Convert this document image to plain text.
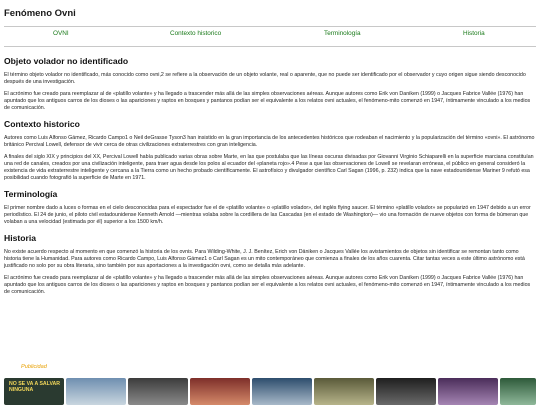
Fenómeno Ovni
OVNI	Contexto historico	Terminología	Historia
Objeto volador no identificado

El término objeto volador no identificado, más conocido como ovni,2 se refiere a la observación de un objeto volante, real o aparente, que no puede ser identificado por el observador y cuyo origen sigue siendo desconocido después de una investigación.

El acrónimo fue creado para reemplazar al de «platillo volante» y ha llegado a trascender más allá de las simples observaciones aéreas. Aunque autores como Erik von Daniken (1999) o Jacques Fabrice Vallée (1976) han apuntado que los antiguos carros de los dioses o las apariciones y raptos en bosques y pantanos podían ser el equivalente a los relatos ovni actuales, el fenómeno-mito comenzó en 1947, íntimamente vinculado a los medios de comunicación.

Contexto historico

Autores como Luis Alfonso Gámez, Ricardo Campo1 o Neil deGrasse Tyson3 han insistido en la gran importancia de los antecedentes históricos que rodeaban el nacimiento y la popularización del término «ovni». El astrónomo británico Percival Lowell, defensor de vivir cerca de otras civilizaciones extraterrestres con gran inteligencia.

A finales del siglo XIX y principios del XX, Percival Lowell había publicado varias obras sobre Marte, en las que postulaba que las líneas oscuras divisadas por Giovanni Virginio Schiaparelli en la superficie marciana constituían una red de canales, creados por una civilización inteligente, para traer agua desde los polos al ecuador del «planeta rojo».4 Pese a que las observaciones de Lowell se revelaran erróneas, el público en general consideró la existencia de vida extraterrestre inteligente y cercana a la Tierra como un hecho probado científicamente. El astrofísico y divulgador científico Carl Sagan (1996, p. 232) indica que la nave estadounidense Mariner 9 refutó esa posibilidad cuando fotografió la superficie de Marte en 1971.

Terminología

El primer nombre dado a luces o formas en el cielo desconocidas para el espectador fue el de «platillo volante» o «platillo volador», del inglés flying saucer. El término «platillo volador» se popularizó en 1947 debido a un error periodístico. El 24 de junio, el piloto civil estadounidense Kenneth Arnold —mientras volaba sobre la cordillera de las Cascadas (en el estado de Washington)— vio una formación de nueve objetos con forma de búmeran que volaban a una velocidad (estimada por él) superior a los 1500 km/h.

Historia

No existe acuerdo respecto al momento en que comenzó la historia de los ovnis. Para Wilding-White, J. J. Benítez, Erich von Däniken o Jacques Vallée los avistamientos de objetos sin identificar se remontan tanto como historia tiene la Humanidad. Para autores como Ricardo Campo, Luis Alfonso Gámez1 o Carl Sagan es un mito contemporáneo que comienza a finales de los años cuarenta. Citar tantas veces a este último astrónomo está justificado no solo por su obra literaria, sino también por sus aportaciones a la investigación ovni, como se detalla más adelante.

El acrónimo fue creado para reemplazar al de «platillo volante» y ha llegado a trascender más allá de las simples observaciones aéreas. Aunque autores como Erik von Daniken (1999) o Jacques Fabrice Vallée (1976) han apuntado que los antiguos carros de los dioses o las apariciones y raptos en bosques y pantanos podían ser el equivalente a los relatos ovni actuales, el fenómeno-mito comenzó en 1947, íntimamente vinculado a los medios de comunicación.

Publicidad
NO SE VA A SALVAR NINGUNA
